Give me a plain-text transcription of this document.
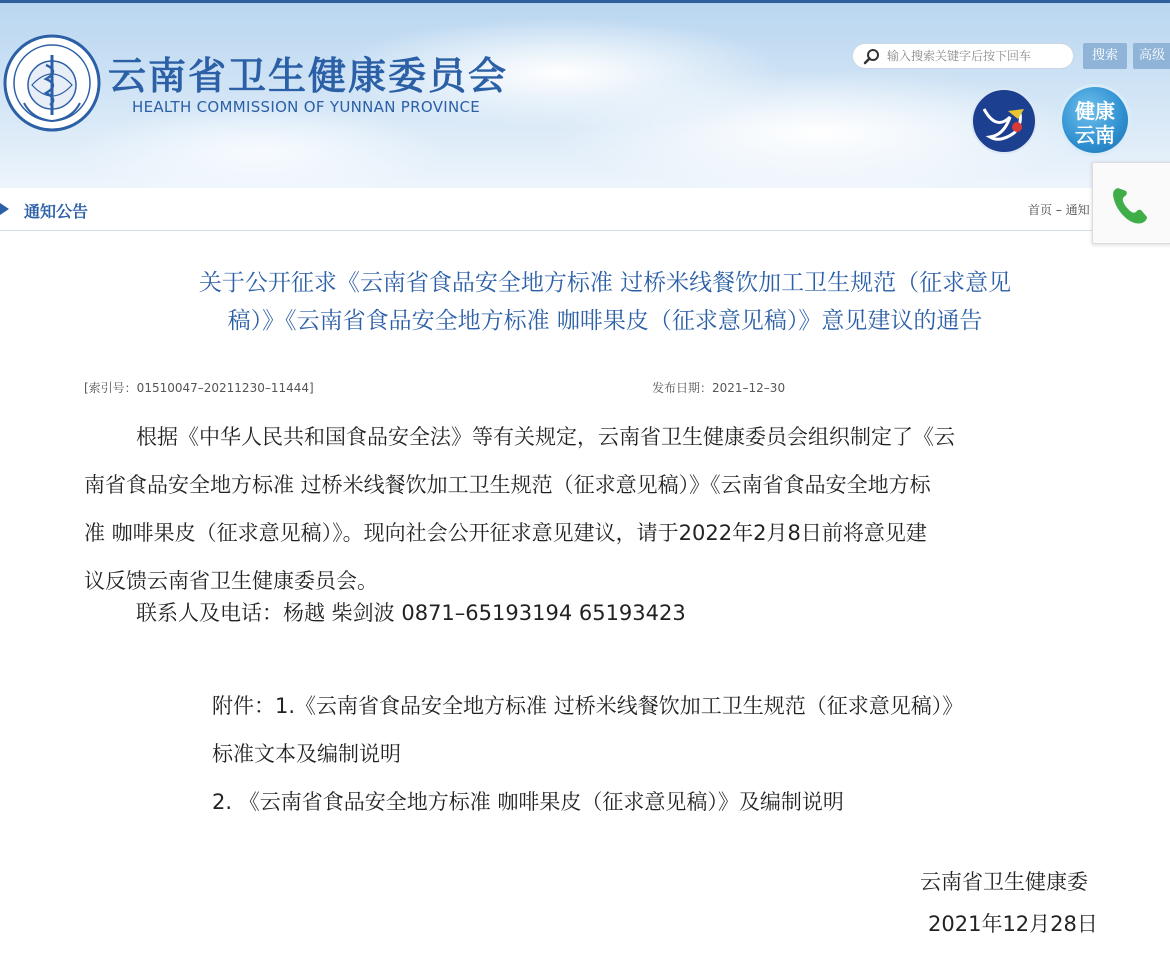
云南省卫生健康委员会
HEALTH COMMISSION OF YUNNAN PROVINCE
输入搜索关键字后按下回车
搜索	高级
健康
云南
通知公告	首页 – 通知
关于公开征求《云南省食品安全地方标准 过桥米线餐饮加工卫生规范（征求意见
稿）》《云南省食品安全地方标准 咖啡果皮（征求意见稿）》意见建议的通告
[索引号：01510047–20211230–11444]	发布日期：2021–12–30
根据《中华人民共和国食品安全法》等有关规定，云南省卫生健康委员会组织制定了《云
南省食品安全地方标准 过桥米线餐饮加工卫生规范（征求意见稿）》《云南省食品安全地方标
准 咖啡果皮（征求意见稿）》。现向社会公开征求意见建议，请于2022年2月8日前将意见建
议反馈云南省卫生健康委员会。
联系人及电话：杨越 柴剑波 0871–65193194 65193423
附件：1.《云南省食品安全地方标准 过桥米线餐饮加工卫生规范（征求意见稿）》
标准文本及编制说明
2. 《云南省食品安全地方标准 咖啡果皮（征求意见稿）》及编制说明
云南省卫生健康委
2021年12月28日
